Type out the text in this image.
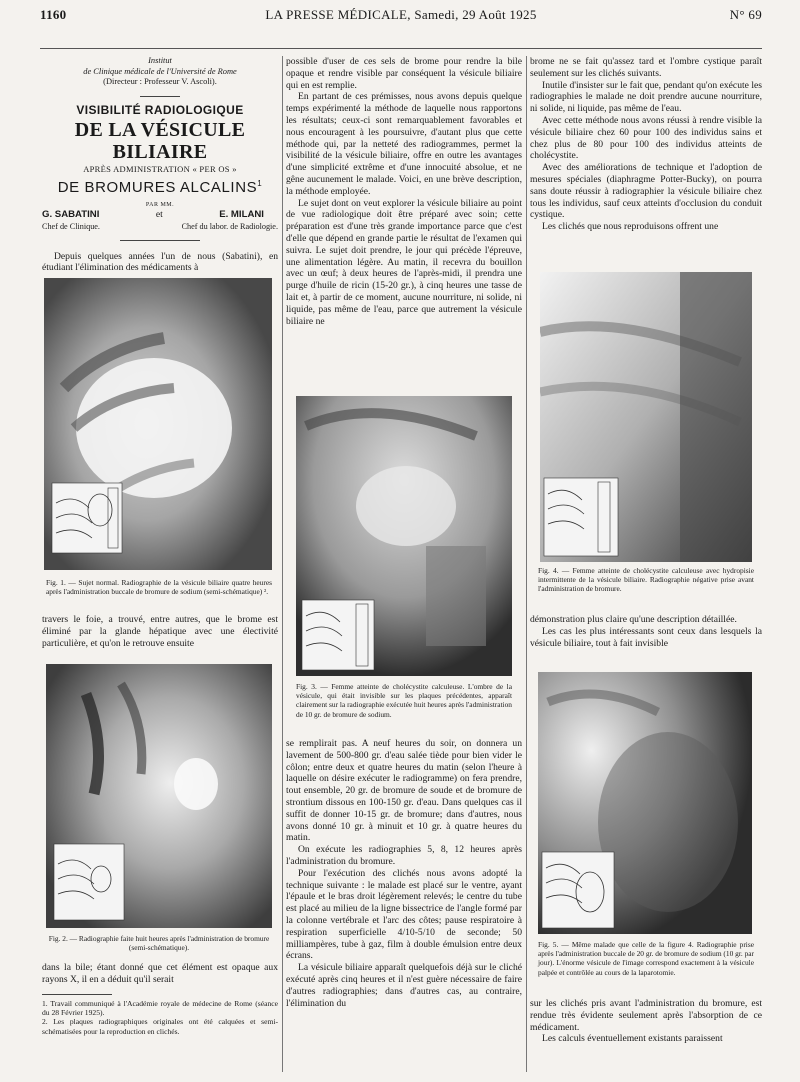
1160	LA PRESSE MÉDICALE, Samedi, 29 Août 1925	N° 69
Institut
de Clinique médicale de l'Université de Rome
(Directeur : Professeur V. Ascoli).
VISIBILITÉ RADIOLOGIQUE
DE LA VÉSICULE BILIAIRE
APRÈS ADMINISTRATION « PER OS »
DE BROMURES ALCALINS$^1$
PAR MM.
G. SABATINI	et	E. MILANI
Chef de Clinique.	Chef du labor. de Radiologie.

Depuis quelques années l'un de nous (Sabatini), en étudiant l'élimination des médicaments à

Fig. 1. — Sujet normal. Radiographie de la vésicule biliaire quatre heures après l'administration buccale de bromure de sodium (semi-schématique) ².

travers le foie, a trouvé, entre autres, que le brome est éliminé par la glande hépatique avec une électivité particulière, et qu'on le retrouve ensuite

Fig. 2. — Radiographie faite huit heures après l'administration de bromure (semi-schématique).

dans la bile; étant donné que cet élément est opaque aux rayons X, il en a déduit qu'il serait

1. Travail communiqué à l'Académie royale de médecine de Rome (séance du 28 Février 1925).
2. Les plaques radiographiques originales ont été calquées et semi-schématisées pour la reproduction en clichés.

possible d'user de ces sels de brome pour rendre la bile opaque et rendre visible par conséquent la vésicule biliaire qui en est remplie.

En partant de ces prémisses, nous avons depuis quelque temps expérimenté la méthode de laquelle nous rapportons les résultats; ceux-ci sont remarquablement favorables et nous encouragent à les poursuivre, d'autant plus que cette méthode qui, par la netteté des radiogrammes, permet la visibilité de la vésicule biliaire, offre en outre les avantages d'une simplicité extrême et d'une innocuité absolue, et ne gêne aucunement le malade. Voici, en une brève description, la méthode employée.

Le sujet dont on veut explorer la vésicule biliaire au point de vue radiologique doit être préparé avec soin; cette préparation est d'une très grande importance parce que c'est d'elle que dépend en grande partie le résultat de l'examen qui suivra. Le sujet doit prendre, le jour qui précède l'épreuve, une alimentation légère. Au matin, il recevra du bouillon avec un œuf; à deux heures de l'après-midi, il prendra une purge d'huile de ricin (15-20 gr.), à cinq heures une tasse de lait et, à partir de ce moment, aucune nourriture, ni solide, ni liquide, pas même de l'eau, parce que autrement la vésicule biliaire ne

Fig. 3. — Femme atteinte de cholécystite calculeuse. L'ombre de la vésicule, qui était invisible sur les plaques précédentes, apparaît clairement sur la radiographie exécutée huit heures après l'administration de 10 gr. de bromure de sodium.

se remplirait pas. A neuf heures du soir, on donnera un lavement de 500-800 gr. d'eau salée tiède pour bien vider le côlon; entre deux et quatre heures du matin (selon l'heure à laquelle on désire exécuter le radiogramme) on fera prendre, tout ensemble, 20 gr. de bromure de soude et de bromure de strontium dissous en 100-150 gr. d'eau. Dans quelques cas il suffit de donner 10-15 gr. de bromure; dans d'autres, nous avons donné 10 gr. à minuit et 10 gr. à quatre heures du matin.

On exécute les radiographies 5, 8, 12 heures après l'administration du bromure.

Pour l'exécution des clichés nous avons adopté la technique suivante : le malade est placé sur le ventre, ayant l'épaule et le bras droit légèrement relevés; le centre du tube est placé au milieu de la ligne bissectrice de l'angle formé par la colonne vertébrale et l'arc des côtes; pause respiratoire à respiration superficielle 4/10-5/10 de seconde; 50 milliampères, tube à gaz, film à double émulsion entre deux écrans.

La vésicule biliaire apparaît quelquefois déjà sur le cliché exécuté après cinq heures et il n'est guère nécessaire de faire d'autres radiographies; dans d'autres cas, au contraire, l'élimination du

brome ne se fait qu'assez tard et l'ombre cystique paraît seulement sur les clichés suivants.

Inutile d'insister sur le fait que, pendant qu'on exécute les radiographies le malade ne doit prendre aucune nourriture, ni solide, ni liquide, pas même de l'eau.

Avec cette méthode nous avons réussi à rendre visible la vésicule biliaire chez 60 pour 100 des individus sains et chez plus de 80 pour 100 des individus atteints de cholécystite.

Avec des améliorations de technique et l'adoption de mesures spéciales (diaphragme Potter-Bucky), on pourra sans doute réussir à radiographier la vésicule biliaire chez tous les individus, sauf ceux atteints d'occlusion du conduit cystique.

Les clichés que nous reproduisons offrent une

Fig. 4. — Femme atteinte de cholécystite calculeuse avec hydropisie intermittente de la vésicule biliaire. Radiographie négative prise avant l'administration de bromure.

démonstration plus claire qu'une description détaillée.

Les cas les plus intéressants sont ceux dans lesquels la vésicule biliaire, tout à fait invisible

Fig. 5. — Même malade que celle de la figure 4. Radiographie prise après l'administration buccale de 20 gr. de bromure de sodium (10 gr. par jour). L'énorme vésicule de l'image correspond exactement à la vésicule palpée et contrôlée au cours de la laparotomie.

sur les clichés pris avant l'administration du bromure, est rendue très évidente seulement après l'absorption de ce médicament.

Les calculs éventuellement existants paraissent
